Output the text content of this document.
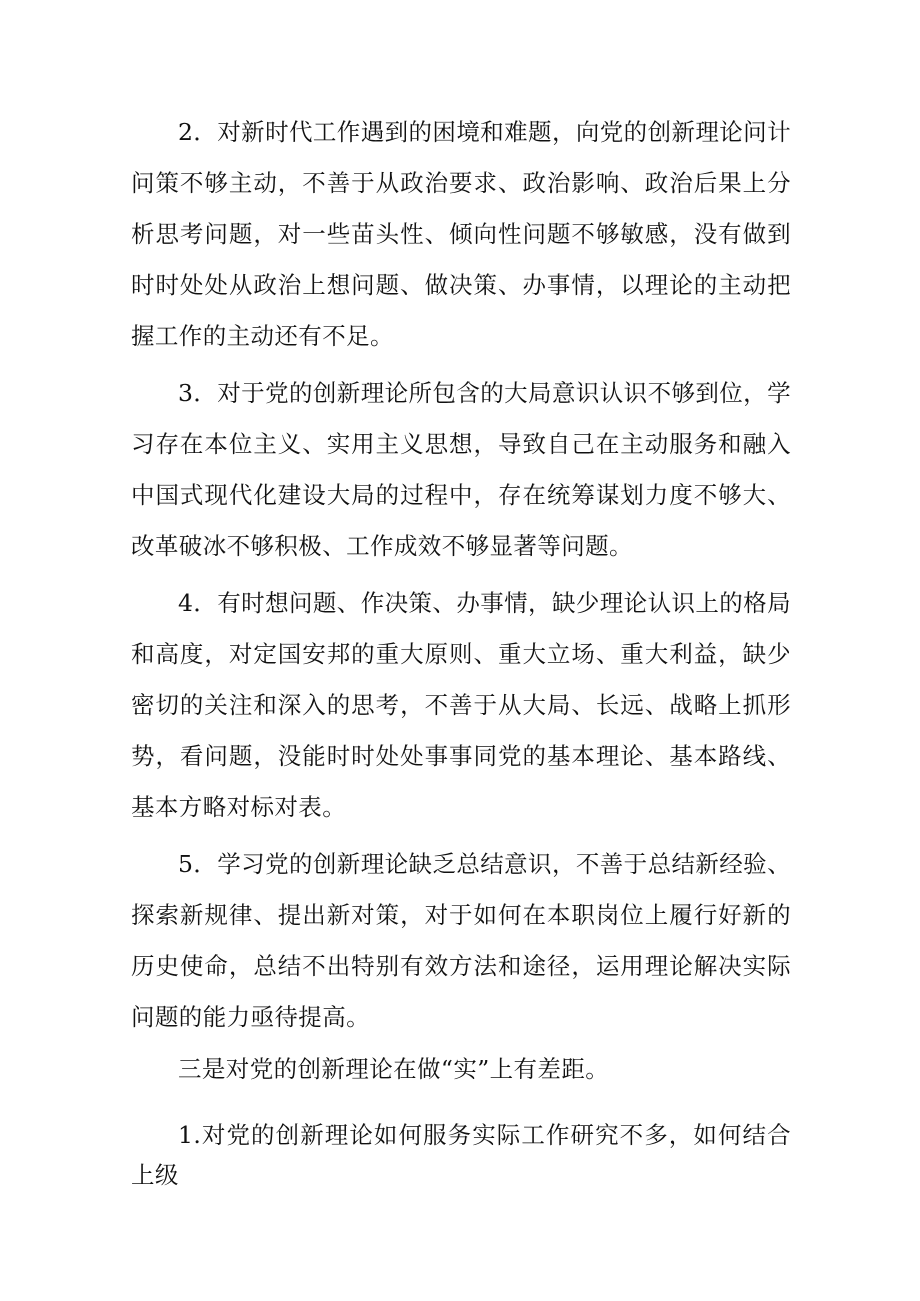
2．对新时代工作遇到的困境和难题，向党的创新理论问计问策不够主动，不善于从政治要求、政治影响、政治后果上分析思考问题，对一些苗头性、倾向性问题不够敏感，没有做到时时处处从政治上想问题、做决策、办事情，以理论的主动把握工作的主动还有不足。

3．对于党的创新理论所包含的大局意识认识不够到位，学习存在本位主义、实用主义思想，导致自己在主动服务和融入中国式现代化建设大局的过程中，存在统筹谋划力度不够大、改革破冰不够积极、工作成效不够显著等问题。

4．有时想问题、作决策、办事情，缺少理论认识上的格局和高度，对定国安邦的重大原则、重大立场、重大利益，缺少密切的关注和深入的思考，不善于从大局、长远、战略上抓形势，看问题，没能时时处处事事同党的基本理论、基本路线、基本方略对标对表。

5．学习党的创新理论缺乏总结意识，不善于总结新经验、探索新规律、提出新对策，对于如何在本职岗位上履行好新的历史使命，总结不出特别有效方法和途径，运用理论解决实际问题的能力亟待提高。

三是对党的创新理论在做“实”上有差距。

1.对党的创新理论如何服务实际工作研究不多，如何结合上级
